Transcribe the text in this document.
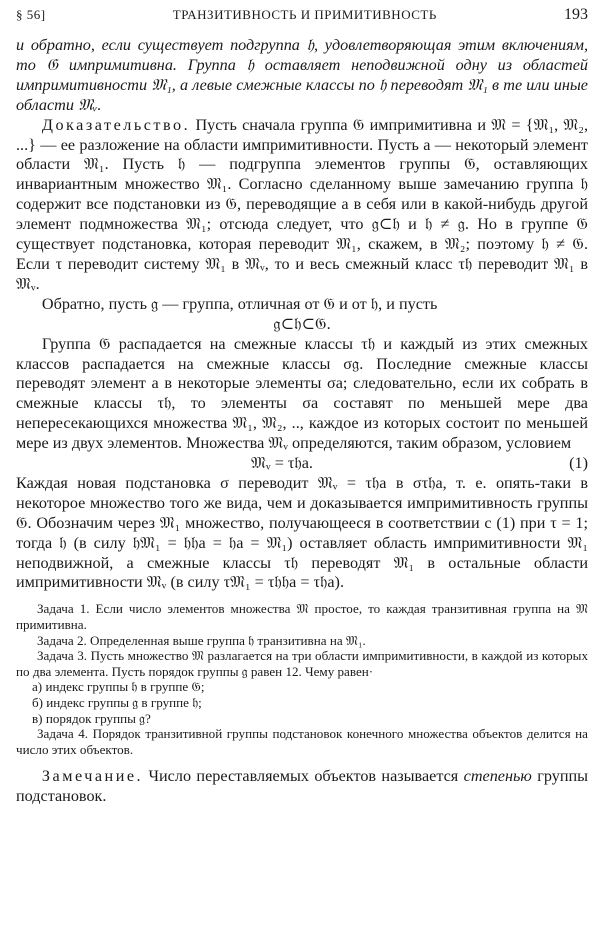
§ 56]	ТРАНЗИТИВНОСТЬ И ПРИМИТИВНОСТЬ	193

и обратно, если существует подгруппа 𝔥, удовлетворяющая этим включениям, то 𝔊 импримитивна. Группа 𝔥 оставляет неподвижной одну из областей импримитивности 𝔐₁, а левые смежные классы по 𝔥 переводят 𝔐₁ в те или иные области 𝔐ᵥ.

Доказательство. Пусть сначала группа 𝔊 импримитивна и 𝔐 = {𝔐₁, 𝔐₂, ...} — ее разложение на области импримитивности. Пусть a — некоторый элемент области 𝔐₁. Пусть 𝔥 — подгруппа элементов группы 𝔊, оставляющих инвариантным множество 𝔐₁. Согласно сделанному выше замечанию группа 𝔥 содержит все подстановки из 𝔊, переводящие a в себя или в какой-нибудь другой элемент подмножества 𝔐₁; отсюда следует, что 𝔤⊂𝔥 и 𝔥 ≠ 𝔤. Но в группе 𝔊 существует подстановка, которая переводит 𝔐₁, скажем, в 𝔐₂; поэтому 𝔥 ≠ 𝔊. Если τ переводит систему 𝔐₁ в 𝔐ᵥ, то и весь смежный класс τ𝔥 переводит 𝔐₁ в 𝔐ᵥ.

Обратно, пусть 𝔤 — группа, отличная от 𝔊 и от 𝔥, и пусть

𝔤⊂𝔥⊂𝔊.

Группа 𝔊 распадается на смежные классы τ𝔥 и каждый из этих смежных классов распадается на смежные классы σ𝔤. Последние смежные классы переводят элемент a в некоторые элементы σa; следовательно, если их собрать в смежные классы τ𝔥, то элементы σa составят по меньшей мере два непересекающихся множества 𝔐₁, 𝔐₂, .., каждое из которых состоит по меньшей мере из двух элементов. Множества 𝔐ᵥ определяются, таким образом, условием

𝔐ᵥ = τ𝔥a.	(1)

Каждая новая подстановка σ переводит 𝔐ᵥ = τ𝔥a в στ𝔥a, т. е. опять-таки в некоторое множество того же вида, чем и доказывается импримитивность группы 𝔊. Обозначим через 𝔐₁ множество, получающееся в соответствии с (1) при τ = 1; тогда 𝔥 (в силу 𝔥𝔐₁ = 𝔥𝔥a = 𝔥a = 𝔐₁) оставляет область импримитивности 𝔐₁ неподвижной, а смежные классы τ𝔥 переводят 𝔐₁ в остальные области импримитивности 𝔐ᵥ (в силу τ𝔐₁ = τ𝔥𝔥a = τ𝔥a).

Задача 1. Если число элементов множества 𝔐 простое, то каждая транзитивная группа на 𝔐 примитивна.
Задача 2. Определенная выше группа 𝔥 транзитивна на 𝔐₁.
Задача 3. Пусть множество 𝔐 разлагается на три области импримитивности, в каждой из которых по два элемента. Пусть порядок группы 𝔤 равен 12. Чему равен·
а) индекс группы 𝔥 в группе 𝔊;
б) индекс группы 𝔤 в группе 𝔥;
в) порядок группы 𝔤?
Задача 4. Порядок транзитивной группы подстановок конечного множества объектов делится на число этих объектов.

Замечание. Число переставляемых объектов называется степенью группы подстановок.
